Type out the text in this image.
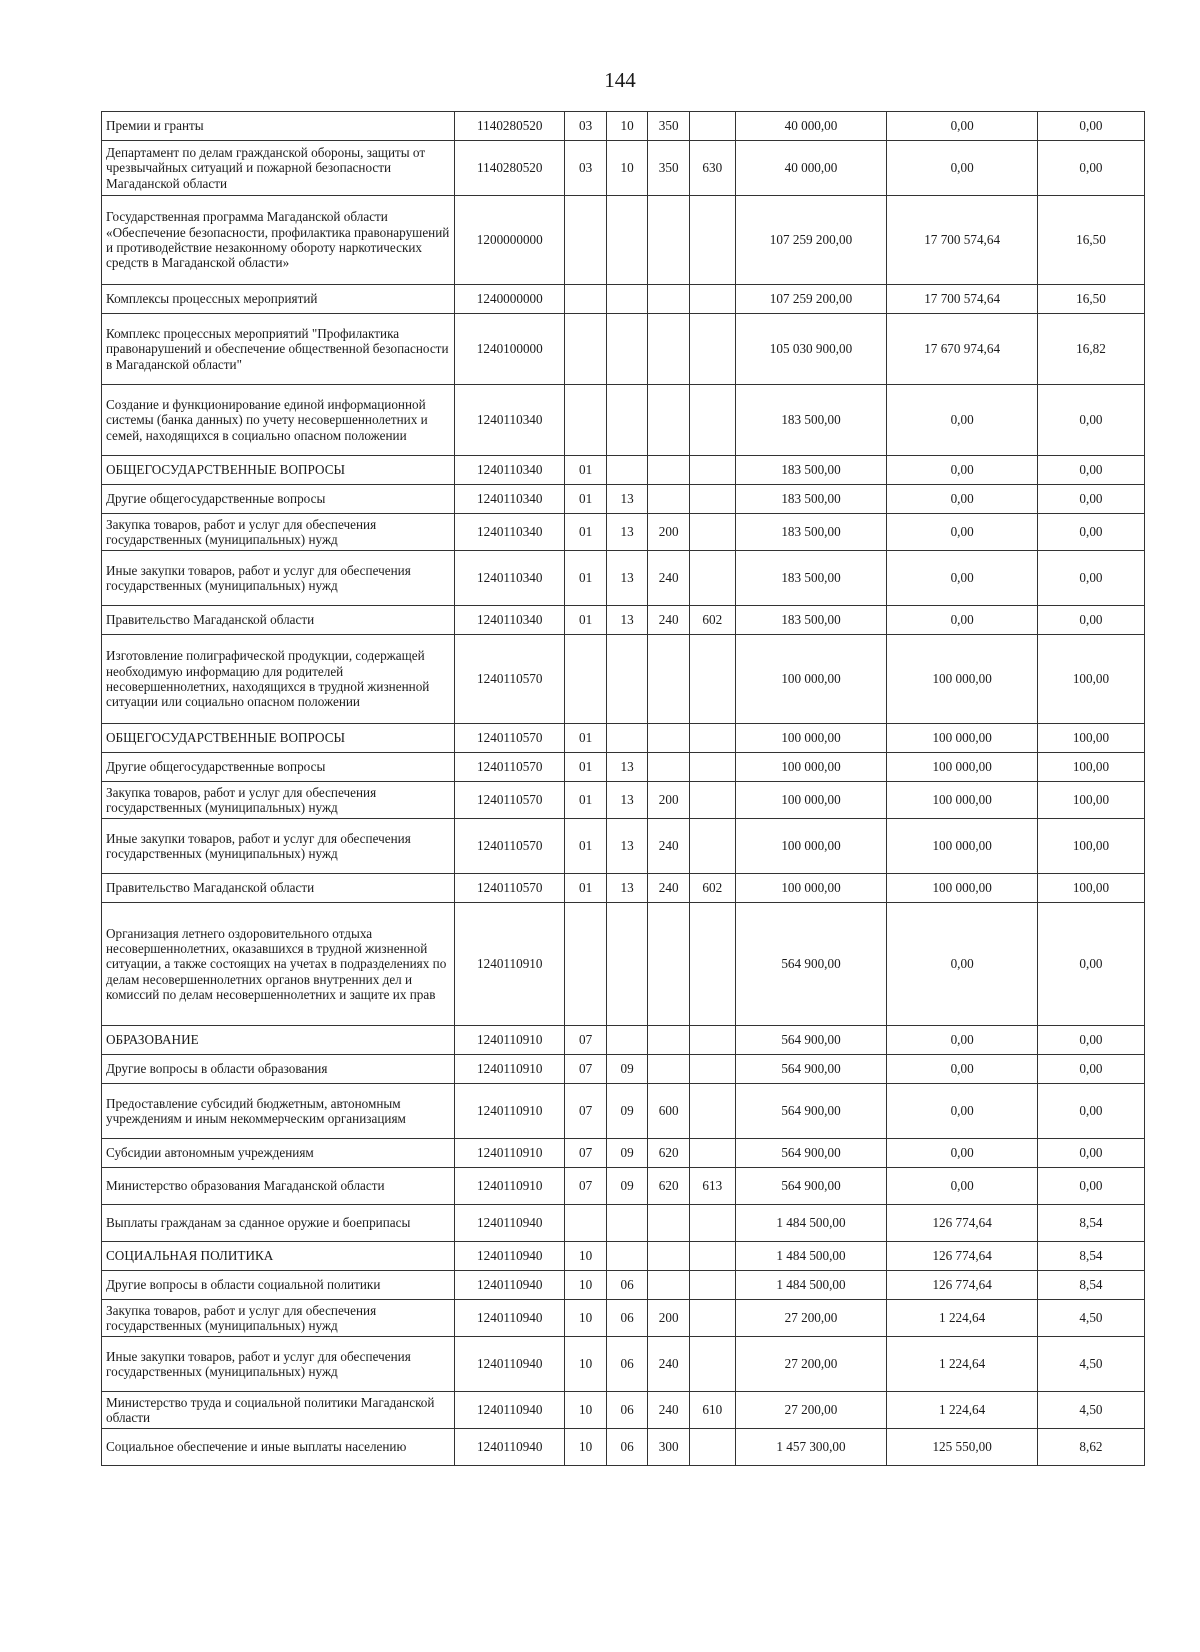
144
Премии и гранты	1140280520	03	10	350		40 000,00	0,00	0,00
Департамент по делам гражданской обороны, защиты от чрезвычайных ситуаций и пожарной безопасности Магаданской области	1140280520	03	10	350	630	40 000,00	0,00	0,00
Государственная программа Магаданской области «Обеспечение безопасности, профилактика правонарушений и противодействие незаконному обороту наркотических средств в Магаданской области»	1200000000					107 259 200,00	17 700 574,64	16,50
Комплексы процессных мероприятий	1240000000					107 259 200,00	17 700 574,64	16,50
Комплекс процессных мероприятий "Профилактика правонарушений и обеспечение общественной безопасности в Магаданской области"	1240100000					105 030 900,00	17 670 974,64	16,82
Создание и функционирование единой информационной системы (банка данных) по учету несовершеннолетних и семей, находящихся в социально опасном положении	1240110340					183 500,00	0,00	0,00
ОБЩЕГОСУДАРСТВЕННЫЕ ВОПРОСЫ	1240110340	01				183 500,00	0,00	0,00
Другие общегосударственные вопросы	1240110340	01	13			183 500,00	0,00	0,00
Закупка товаров, работ и услуг для обеспечения государственных (муниципальных) нужд	1240110340	01	13	200		183 500,00	0,00	0,00
Иные закупки товаров, работ и услуг для обеспечения государственных (муниципальных) нужд	1240110340	01	13	240		183 500,00	0,00	0,00
Правительство Магаданской области	1240110340	01	13	240	602	183 500,00	0,00	0,00
Изготовление полиграфической продукции, содержащей необходимую информацию для родителей несовершеннолетних, находящихся в трудной жизненной ситуации или социально опасном положении	1240110570					100 000,00	100 000,00	100,00
ОБЩЕГОСУДАРСТВЕННЫЕ ВОПРОСЫ	1240110570	01				100 000,00	100 000,00	100,00
Другие общегосударственные вопросы	1240110570	01	13			100 000,00	100 000,00	100,00
Закупка товаров, работ и услуг для обеспечения государственных (муниципальных) нужд	1240110570	01	13	200		100 000,00	100 000,00	100,00
Иные закупки товаров, работ и услуг для обеспечения государственных (муниципальных) нужд	1240110570	01	13	240		100 000,00	100 000,00	100,00
Правительство Магаданской области	1240110570	01	13	240	602	100 000,00	100 000,00	100,00
Организация летнего оздоровительного отдыха несовершеннолетних, оказавшихся в трудной жизненной ситуации, а также состоящих на учетах в подразделениях по делам несовершеннолетних органов внутренних дел и комиссий по делам несовершеннолетних и защите их прав	1240110910					564 900,00	0,00	0,00
ОБРАЗОВАНИЕ	1240110910	07				564 900,00	0,00	0,00
Другие вопросы в области образования	1240110910	07	09			564 900,00	0,00	0,00
Предоставление субсидий бюджетным, автономным учреждениям и иным некоммерческим организациям	1240110910	07	09	600		564 900,00	0,00	0,00
Субсидии автономным учреждениям	1240110910	07	09	620		564 900,00	0,00	0,00
Министерство образования Магаданской области	1240110910	07	09	620	613	564 900,00	0,00	0,00
Выплаты гражданам за сданное оружие и боеприпасы	1240110940					1 484 500,00	126 774,64	8,54
СОЦИАЛЬНАЯ ПОЛИТИКА	1240110940	10				1 484 500,00	126 774,64	8,54
Другие вопросы в области социальной политики	1240110940	10	06			1 484 500,00	126 774,64	8,54
Закупка товаров, работ и услуг для обеспечения государственных (муниципальных) нужд	1240110940	10	06	200		27 200,00	1 224,64	4,50
Иные закупки товаров, работ и услуг для обеспечения государственных (муниципальных) нужд	1240110940	10	06	240		27 200,00	1 224,64	4,50
Министерство труда и социальной политики Магаданской области	1240110940	10	06	240	610	27 200,00	1 224,64	4,50
Социальное обеспечение и иные выплаты населению	1240110940	10	06	300		1 457 300,00	125 550,00	8,62
